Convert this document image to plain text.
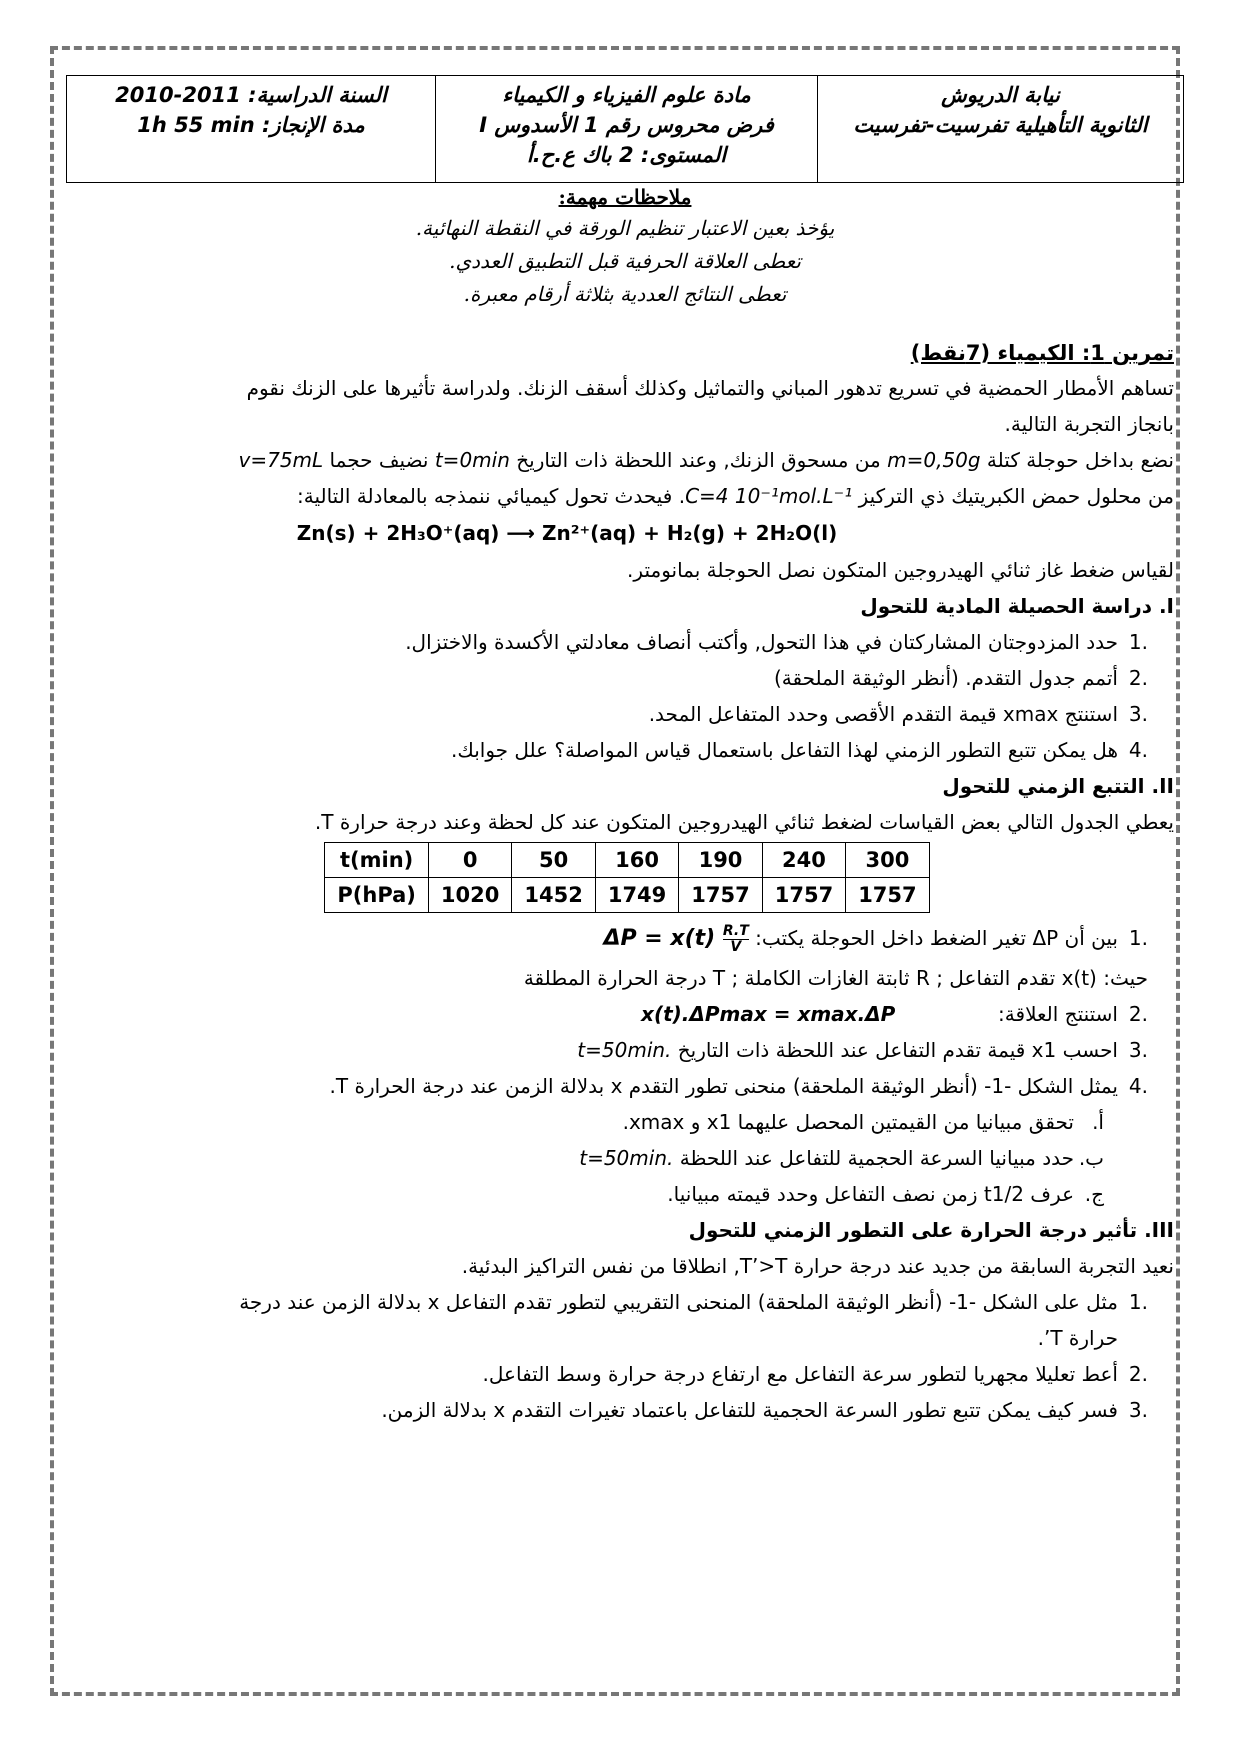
نيابة الدريوش
الثانوية التأهيلية تفرسيت-تفرسيت
مادة علوم الفيزياء و الكيمياء
فرض محروس رقم 1 الأسدوس I
المستوى: 2 باك ع.ح.أ
السنة الدراسية: 2010-2011
مدة الإنجاز: 1h 55 min
ملاحظات مهمة:
يؤخذ بعين الاعتبار تنظيم الورقة في النقطة النهائية.
تعطى العلاقة الحرفية قبل التطبيق العددي.
تعطى النتائج العددية بثلاثة أرقام معبرة.
تمرين 1: الكيمياء (7نقط)
تساهم الأمطار الحمضية في تسريع تدهور المباني والتماثيل وكذلك أسقف الزنك. ولدراسة تأثيرها على الزنك نقوم
بانجاز التجربة التالية.
نضع بداخل حوجلة كتلة m=0,50g من مسحوق الزنك, وعند اللحظة ذات التاريخ t=0min نضيف حجما v=75mL
من محلول حمض الكبريتيك ذي التركيز C=4 10⁻¹mol.L⁻¹. فيحدث تحول كيميائي ننمذجه بالمعادلة التالية:
Zn(s) + 2H₃O⁺(aq) ⟶ Zn²⁺(aq) + H₂(g) + 2H₂O(l)
لقياس ضغط غاز ثنائي الهيدروجين المتكون نصل الحوجلة بمانومتر.
I. دراسة الحصيلة المادية للتحول
.1حدد المزدوجتان المشاركتان في هذا التحول, وأكتب أنصاف معادلتي الأكسدة والاختزال.
.2أتمم جدول التقدم. (أنظر الوثيقة الملحقة)
.3استنتج xmax قيمة التقدم الأقصى وحدد المتفاعل المحد.
.4هل يمكن تتبع التطور الزمني لهذا التفاعل باستعمال قياس المواصلة؟ علل جوابك.
II. التتبع الزمني للتحول
يعطي الجدول التالي بعض القياسات لضغط ثنائي الهيدروجين المتكون عند كل لحظة وعند درجة حرارة T.
t(min)	0	50	160	190	240	300
P(hPa)	1020	1452	1749	1757	1757	1757
.1بين أن ΔP تغير الضغط داخل الحوجلة يكتب: $\Delta P = x(t) \frac{R.T}{V}$
حيث: x(t) تقدم التفاعل ; R ثابتة الغازات الكاملة ; T درجة الحرارة المطلقة
.2استنتج العلاقة:  x(t).ΔPmax = xmax.ΔP
.3احسب x1 قيمة تقدم التفاعل عند اللحظة ذات التاريخ t=50min.
.4يمثل الشكل -1- (أنظر الوثيقة الملحقة) منحنى تطور التقدم x بدلالة الزمن عند درجة الحرارة T.
أ.تحقق مبيانيا من القيمتين المحصل عليهما x1 و xmax.
ب.حدد مبيانيا السرعة الحجمية للتفاعل عند اللحظة t=50min.
ج.عرف t1/2 زمن نصف التفاعل وحدد قيمته مبيانيا.
III. تأثير درجة الحرارة على التطور الزمني للتحول
نعيد التجربة السابقة من جديد عند درجة حرارة T’>T, انطلاقا من نفس التراكيز البدئية.
.1مثل على الشكل -1- (أنظر الوثيقة الملحقة) المنحنى التقريبي لتطور تقدم التفاعل x بدلالة الزمن عند درجة
حرارة T’.
.2أعط تعليلا مجهريا لتطور سرعة التفاعل مع ارتفاع درجة حرارة وسط التفاعل.
.3فسر كيف يمكن تتبع تطور السرعة الحجمية للتفاعل باعتماد تغيرات التقدم x بدلالة الزمن.
